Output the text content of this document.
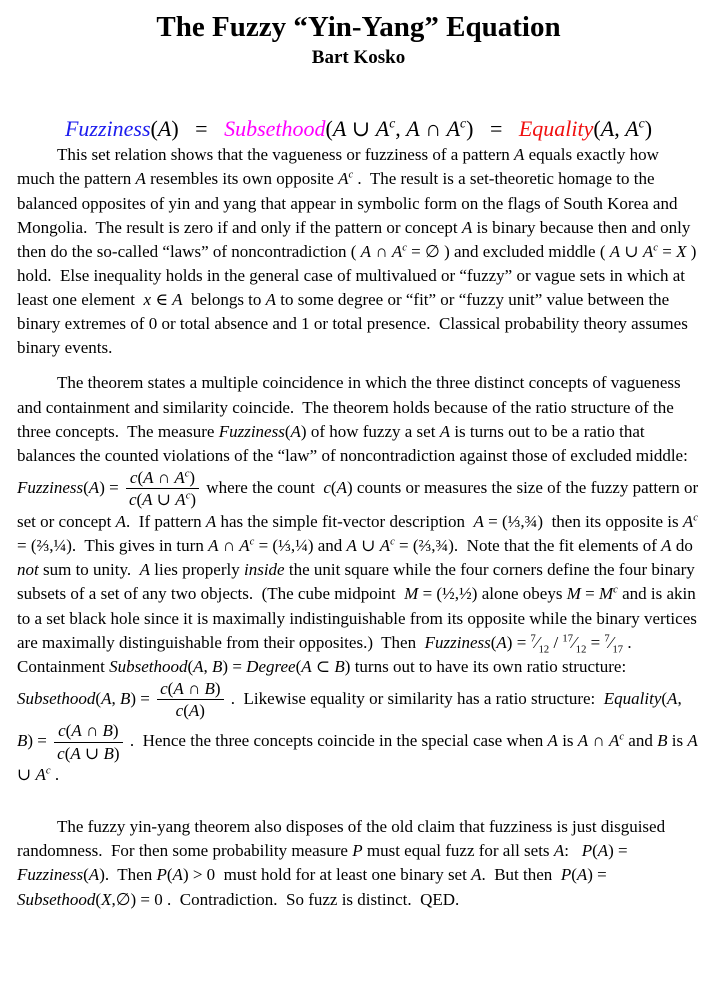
The Fuzzy “Yin-Yang” Equation
Bart Kosko
Fuzziness(A)   =   Subsethood(A ∪ $A^c$, A ∩ $A^c$)   =   Equality(A, $A^c$)

This set relation shows that the vagueness or fuzziness of a pattern A equals exactly how much the pattern A resembles its own opposite $A^c$ .  The result is a set-theoretic homage to the balanced opposites of yin and yang that appear in symbolic form on the flags of South Korea and Mongolia.  The result is zero if and only if the pattern or concept A is binary because then and only then do the so-called “laws” of noncontradiction ( A ∩ $A^c$ = ∅ ) and excluded middle ( A ∪ $A^c = X$ ) hold.  Else inequality holds in the general case of multivalued or “fuzzy” or vague sets in which at least one element  x ∈ A  belongs to A to some degree or “fit” or “fuzzy unit” value between the binary extremes of 0 or total absence and 1 or total presence.  Classical probability theory assumes binary events.

The theorem states a multiple coincidence in which the three distinct concepts of vagueness and containment and similarity coincide.  The theorem holds because of the ratio structure of the three concepts.  The measure Fuzziness(A) of how fuzzy a set A is turns out to be a ratio that balances the counted violations of the “law” of noncontradiction against those of excluded middle:  Fuzziness(A) = $\frac{c(A \cap A^c)}{c(A \cup A^c)}$ where the count  c(A) counts or measures the size of the fuzzy pattern or set or concept A.  If pattern A has the simple fit-vector description  A = (⅓,¾)  then its opposite is $A^c$ = (⅔,¼).  This gives in turn A ∩ $A^c$ = (⅓,¼) and A ∪ $A^c$ = (⅔,¾).  Note that the fit elements of A do not sum to unity.  A lies properly inside the unit square while the four corners define the four binary subsets of a set of any two objects.  (The cube midpoint  M = (½,½) alone obeys $M = M^c$ and is akin to a set black hole since it is maximally indistinguishable from its opposite while the binary vertices are maximally distinguishable from their opposites.)  Then  Fuzziness(A) = $^7⁄_{12}$ / $^{17}⁄_{12}$ = $^7⁄_{17}$ .  Containment Subsethood(A, B) = Degree(A ⊂ B) turns out to have its own ratio structure:  Subsethood(A, $B) = \frac{c(A \cap B)}{c(A)}$ .  Likewise equality or similarity has a ratio structure:  Equality(A, $B) = \frac{c(A \cap B)}{c(A \cup B)}$ .  Hence the three concepts coincide in the special case when A is A ∩ $A^c$ and B is A ∪ $A^c$ .

The fuzzy yin-yang theorem also disposes of the old claim that fuzziness is just disguised randomness.  For then some probability measure P must equal fuzz for all sets A:   P(A) = Fuzziness(A).  Then P(A) > 0  must hold for at least one binary set A.  But then  P(A) = Subsethood(X,∅) = 0 .  Contradiction.  So fuzz is distinct.  QED.
